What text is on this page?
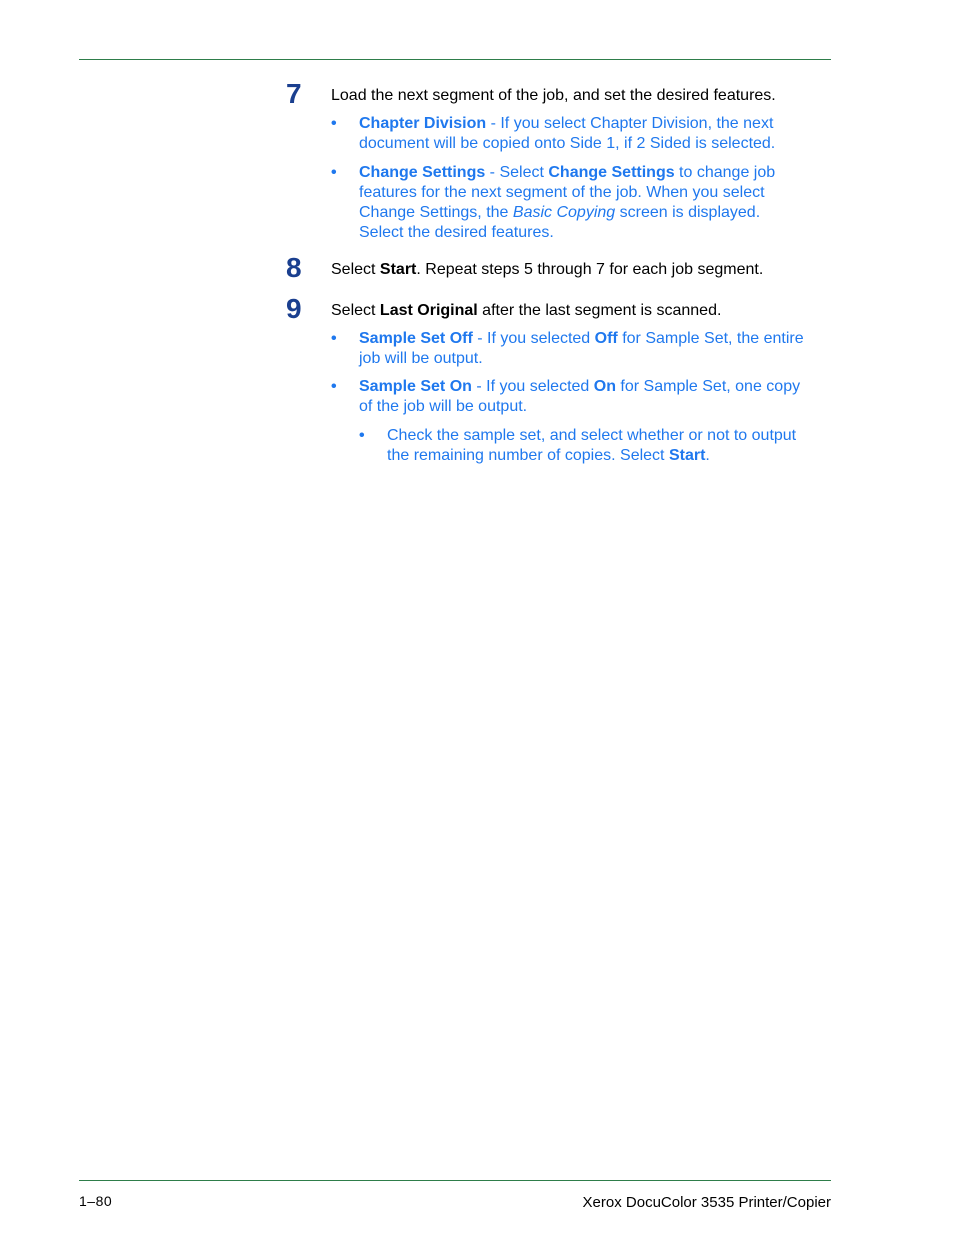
7 Load the next segment of the job, and set the desired features.
• Chapter Division - If you select Chapter Division, the next
document will be copied onto Side 1, if 2 Sided is selected.
• Change Settings - Select Change Settings to change job
features for the next segment of the job. When you select
Change Settings, the Basic Copying screen is displayed.
Select the desired features.
8 Select Start. Repeat steps 5 through 7 for each job segment.
9 Select Last Original after the last segment is scanned.
• Sample Set Off - If you selected Off for Sample Set, the entire
job will be output.
• Sample Set On - If you selected On for Sample Set, one copy
of the job will be output.
• Check the sample set, and select whether or not to output
the remaining number of copies. Select Start.
1–80	Xerox DocuColor 3535 Printer/Copier
